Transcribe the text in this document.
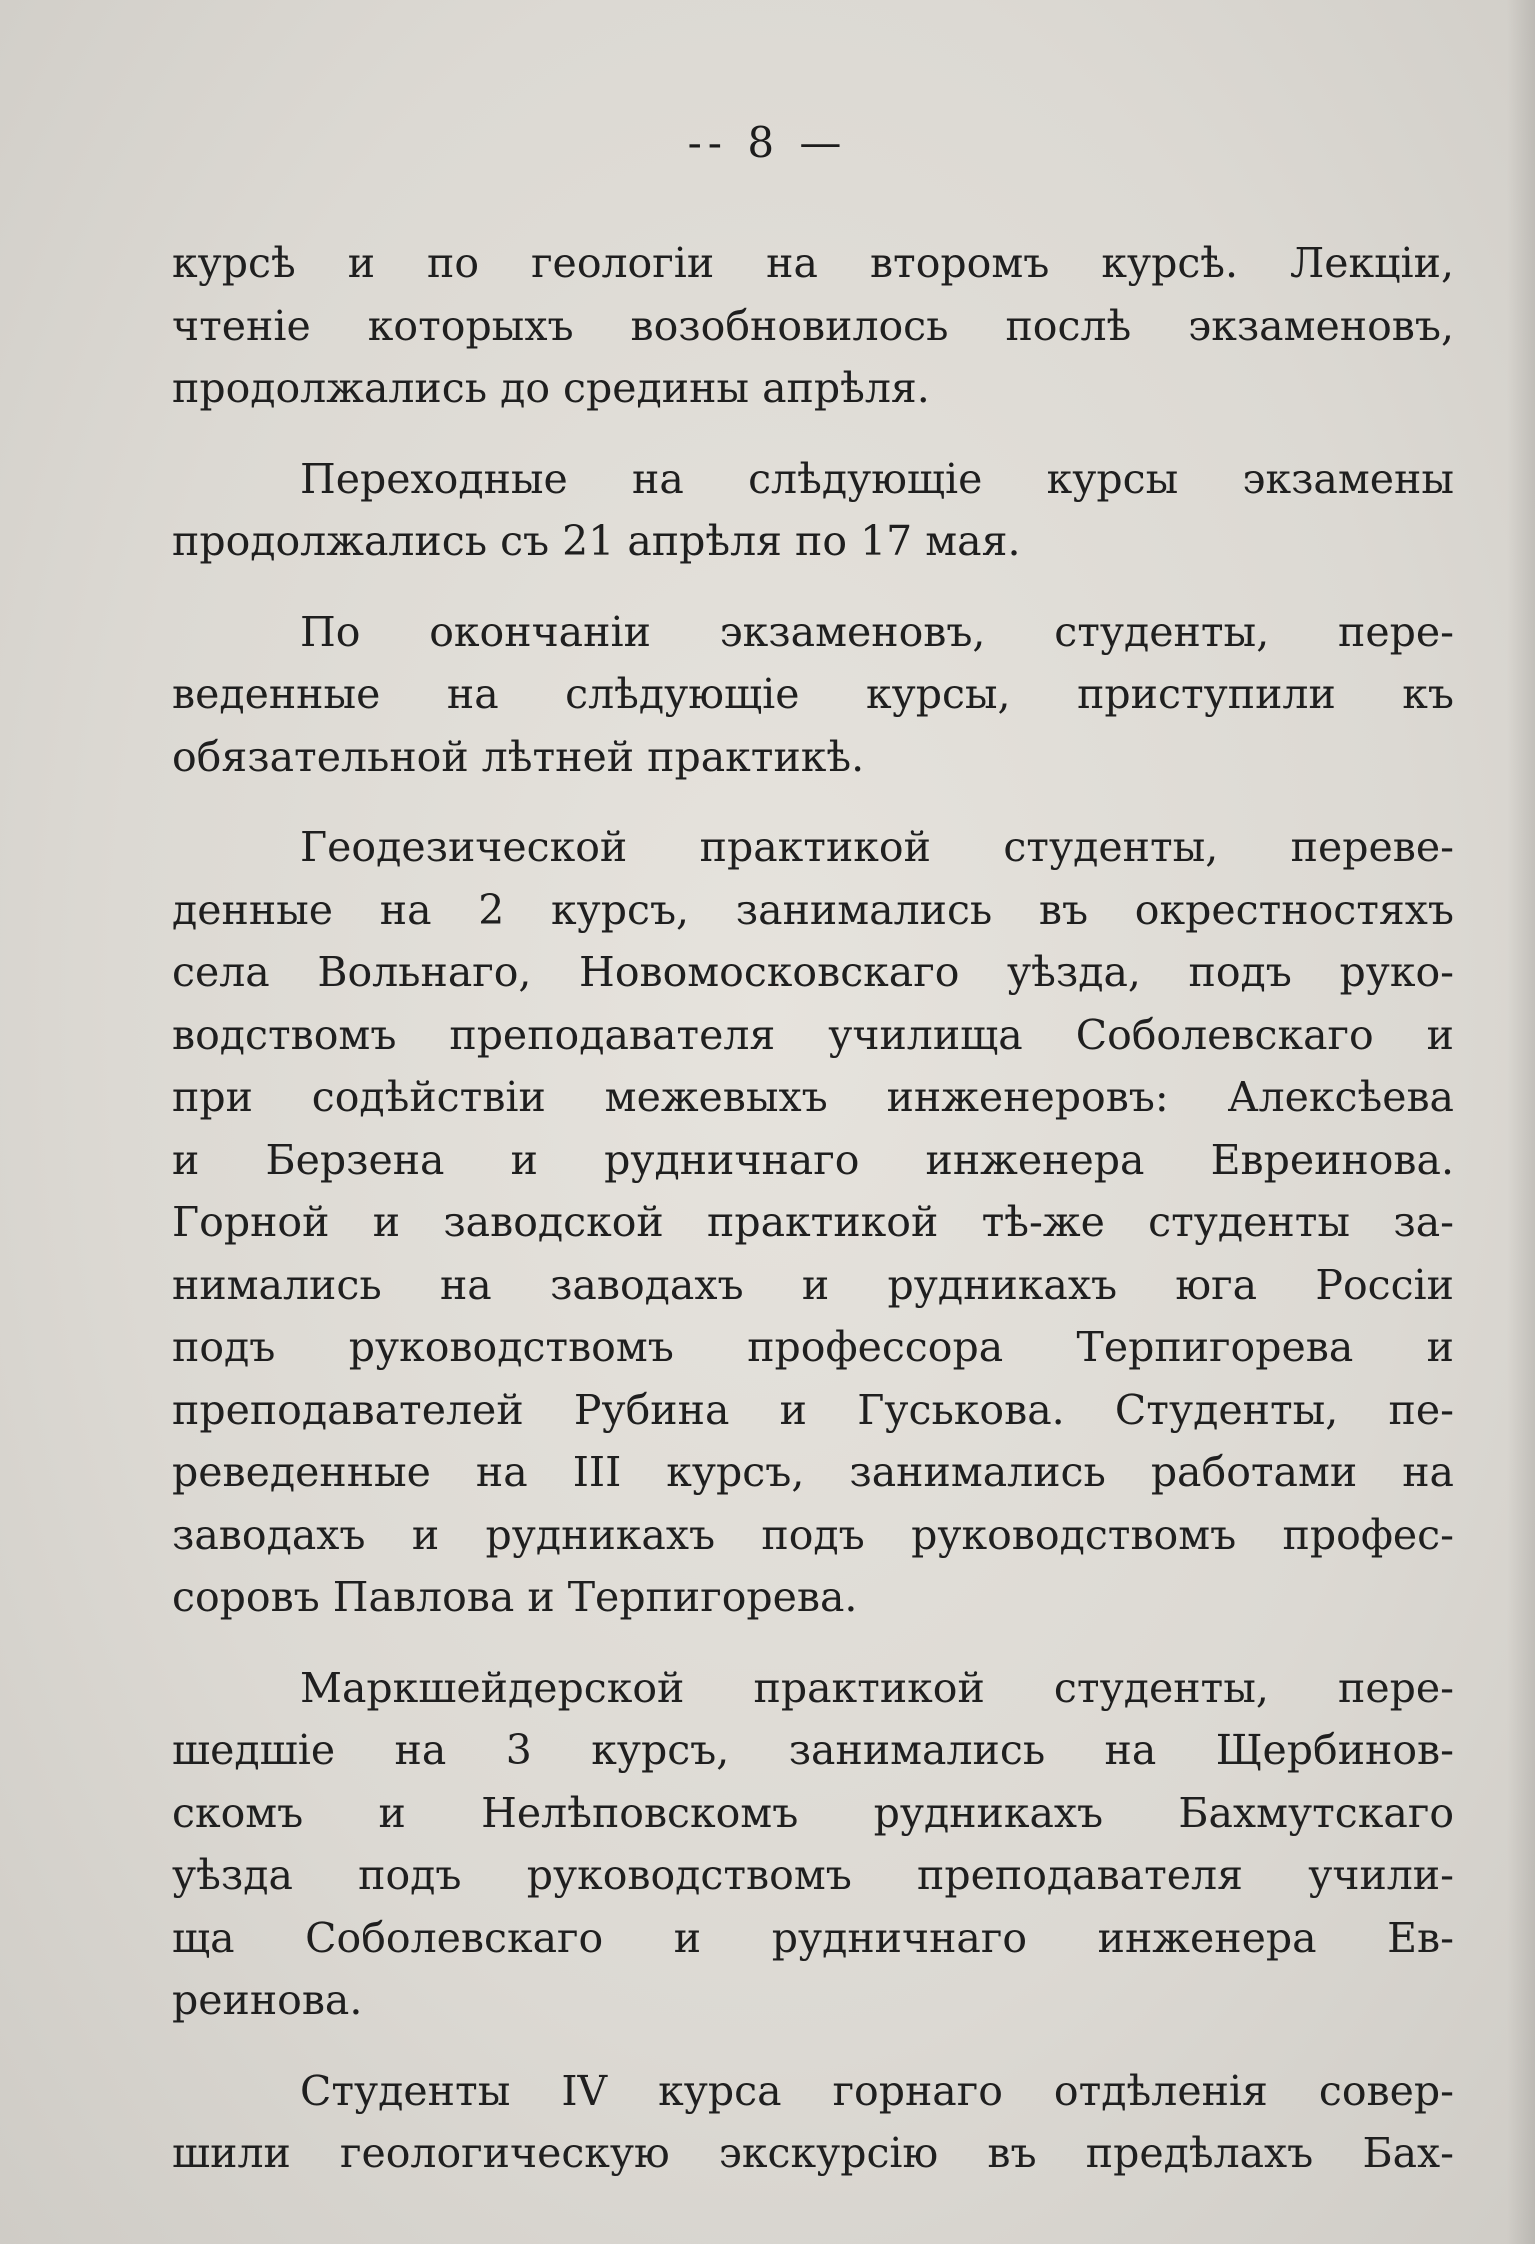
-- 8 —
курсѣ и по геологіи на второмъ курсѣ. Лекціи,
чтеніе которыхъ возобновилось послѣ экзаменовъ,
продолжались до средины апрѣля.
Переходные на слѣдующіе курсы экзамены
продолжались съ 21 апрѣля по 17 мая.
По окончаніи экзаменовъ, студенты, пере-
веденные на слѣдующіе курсы, приступили къ
обязательной лѣтней практикѣ.
Геодезической практикой студенты, переве-
денные на 2 курсъ, занимались въ окрестностяхъ
села Вольнаго, Новомосковскаго уѣзда, подъ руко-
водствомъ преподавателя училища Соболевскаго и
при содѣйствіи межевыхъ инженеровъ: Алексѣева
и Берзена и рудничнаго инженера Евреинова.
Горной и заводской практикой тѣ-же студенты за-
нимались на заводахъ и рудникахъ юга Россіи
подъ руководствомъ профессора Терпигорева и
преподавателей Рубина и Гуськова. Студенты, пе-
реведенные на III курсъ, занимались работами на
заводахъ и рудникахъ подъ руководствомъ профес-
соровъ Павлова и Терпигорева.
Маркшейдерской практикой студенты, пере-
шедшіе на 3 курсъ, занимались на Щербинов-
скомъ и Нелѣповскомъ рудникахъ Бахмутскаго
уѣзда подъ руководствомъ преподавателя учили-
ща Соболевскаго и рудничнаго инженера Ев-
реинова.
Студенты IV курса горнаго отдѣленія совер-
шили геологическую экскурсію въ предѣлахъ Бах-
